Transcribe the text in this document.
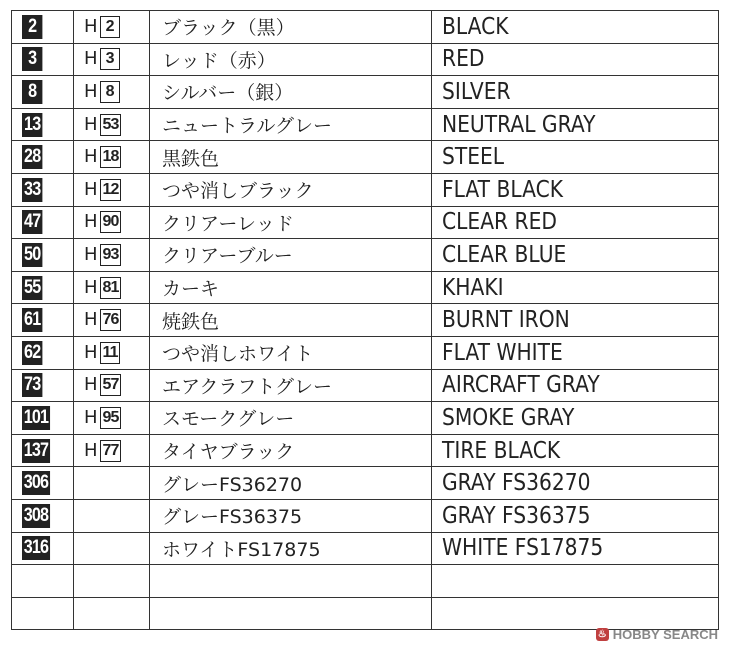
2	H 2	ブラック（黒）	BLACK
3	H 3	レッド（赤）	RED
8	H 8	シルバー（銀）	SILVER
13	H 53	ニュートラルグレー	NEUTRAL GRAY
28	H 18	黒鉄色	STEEL
33	H 12	つや消しブラック	FLAT BLACK
47	H 90	クリアーレッド	CLEAR RED
50	H 93	クリアーブルー	CLEAR BLUE
55	H 81	カーキ	KHAKI
61	H 76	焼鉄色	BURNT IRON
62	H 11	つや消しホワイト	FLAT WHITE
73	H 57	エアクラフトグレー	AIRCRAFT GRAY
101	H 95	スモークグレー	SMOKE GRAY
137	H 77	タイヤブラック	TIRE BLACK
306		グレーFS36270	GRAY FS36270
308		グレーFS36375	GRAY FS36375
316		ホワイトFS17875	WHITE FS17875

♨ HOBBY SEARCH
